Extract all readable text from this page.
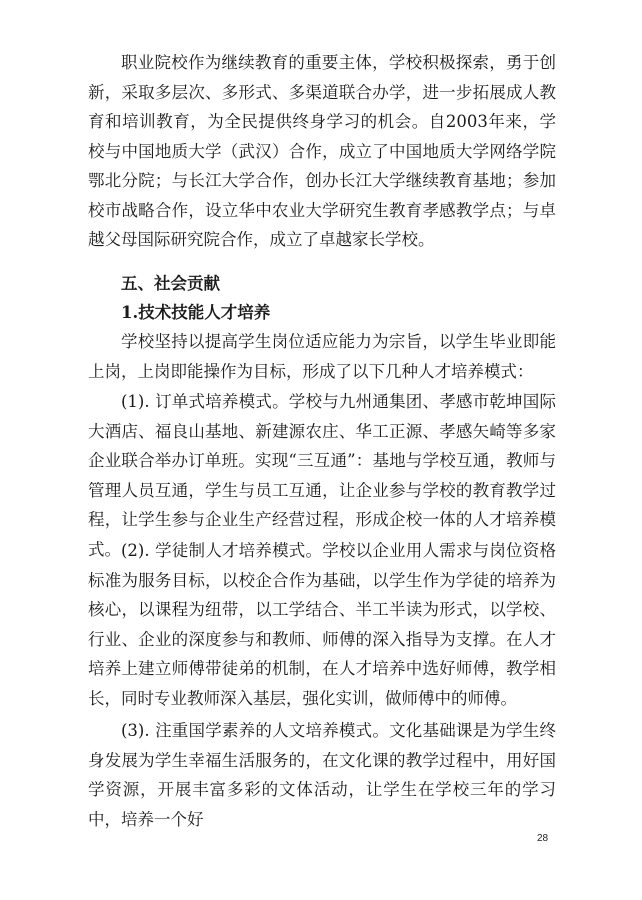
职业院校作为继续教育的重要主体，学校积极探索，勇于创新，采取多层次、多形式、多渠道联合办学，进一步拓展成人教育和培训教育，为全民提供终身学习的机会。自2003年来，学校与中国地质大学（武汉）合作，成立了中国地质大学网络学院鄂北分院；与长江大学合作，创办长江大学继续教育基地；参加校市战略合作，设立华中农业大学研究生教育孝感教学点；与卓越父母国际研究院合作，成立了卓越家长学校。

五、社会贡献

1.技术技能人才培养

学校坚持以提高学生岗位适应能力为宗旨，以学生毕业即能上岗，上岗即能操作为目标，形成了以下几种人才培养模式：

(1). 订单式培养模式。学校与九州通集团、孝感市乾坤国际大酒店、福良山基地、新建源农庄、华工正源、孝感矢崎等多家企业联合举办订单班。实现“三互通”：基地与学校互通，教师与管理人员互通，学生与员工互通，让企业参与学校的教育教学过程，让学生参与企业生产经营过程，形成企校一体的人才培养模式。 (2). 学徒制人才培养模式。学校以企业用人需求与岗位资格标准为服务目标，以校企合作为基础，以学生作为学徒的培养为核心，以课程为纽带，以工学结合、半工半读为形式，以学校、行业、企业的深度参与和教师、师傅的深入指导为支撑。在人才培养上建立师傅带徒弟的机制，在人才培养中选好师傅，教学相长，同时专业教师深入基层，强化实训，做师傅中的师傅。

(3). 注重国学素养的人文培养模式。文化基础课是为学生终身发展为学生幸福生活服务的，在文化课的教学过程中，用好国学资源，开展丰富多彩的文体活动，让学生在学校三年的学习中，培养一个好

28
